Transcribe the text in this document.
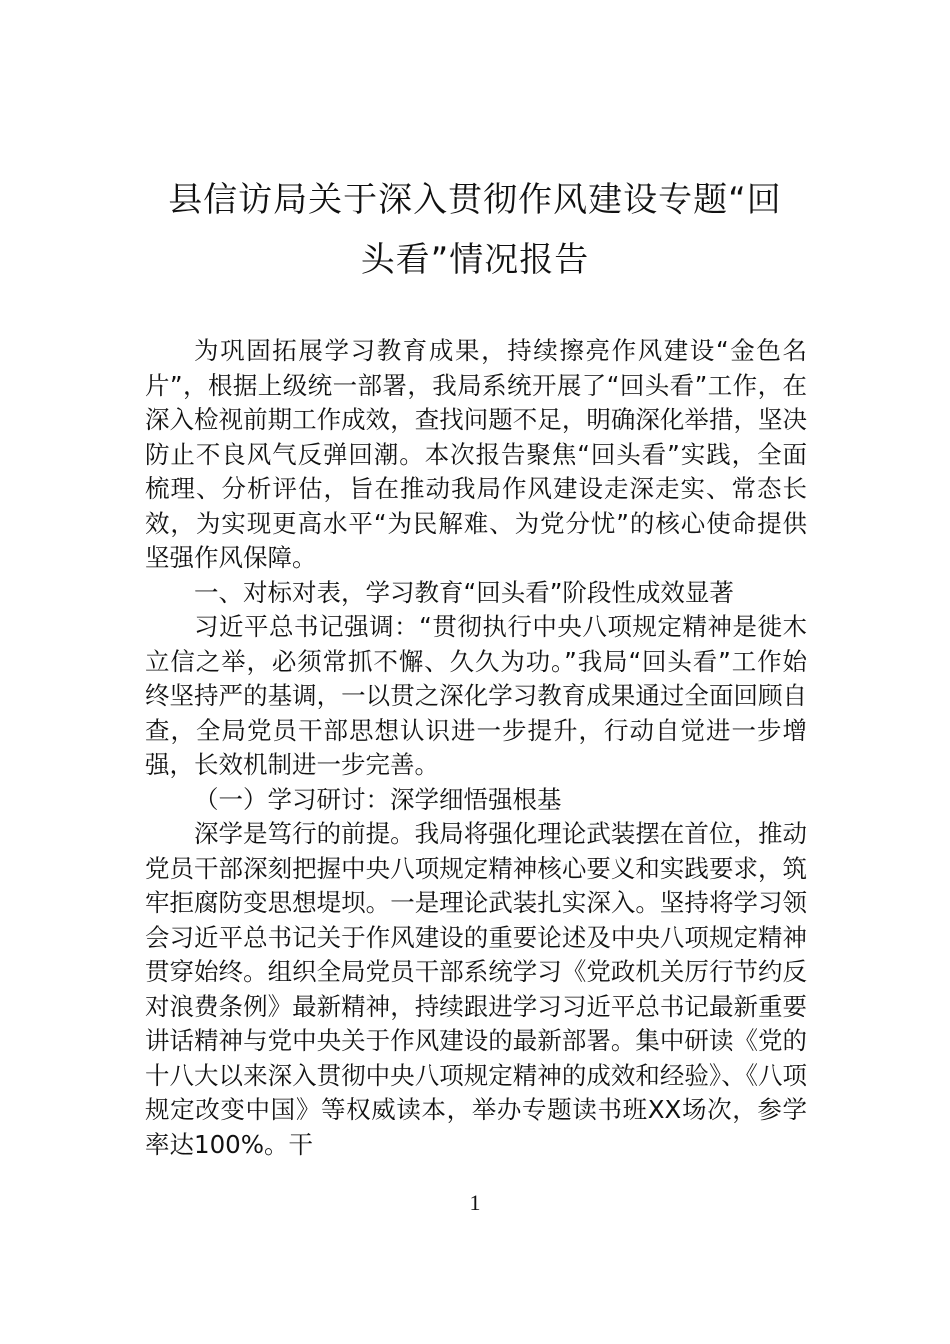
县信访局关于深入贯彻作风建设专题“回
头看”情况报告

为巩固拓展学习教育成果，持续擦亮作风建设“金色名片”，根据上级统一部署，我局系统开展了“回头看”工作，在深入检视前期工作成效，查找问题不足，明确深化举措，坚决防止不良风气反弹回潮。本次报告聚焦“回头看”实践，全面梳理、分析评估，旨在推动我局作风建设走深走实、常态长效，为实现更高水平“为民解难、为党分忧”的核心使命提供坚强作风保障。

一、对标对表，学习教育“回头看”阶段性成效显著

习近平总书记强调：“贯彻执行中央八项规定精神是徙木立信之举，必须常抓不懈、久久为功。”我局“回头看”工作始终坚持严的基调，一以贯之深化学习教育成果通过全面回顾自查，全局党员干部思想认识进一步提升，行动自觉进一步增强，长效机制进一步完善。

（一）学习研讨：深学细悟强根基

深学是笃行的前提。我局将强化理论武装摆在首位，推动党员干部深刻把握中央八项规定精神核心要义和实践要求，筑牢拒腐防变思想堤坝。一是理论武装扎实深入。坚持将学习领会习近平总书记关于作风建设的重要论述及中央八项规定精神贯穿始终。组织全局党员干部系统学习《党政机关厉行节约反对浪费条例》最新精神，持续跟进学习习近平总书记最新重要讲话精神与党中央关于作风建设的最新部署。集中研读《党的十八大以来深入贯彻中央八项规定精神的成效和经验》、《八项规定改变中国》等权威读本，举办专题读书班XX场次，参学率达100%。干

1
